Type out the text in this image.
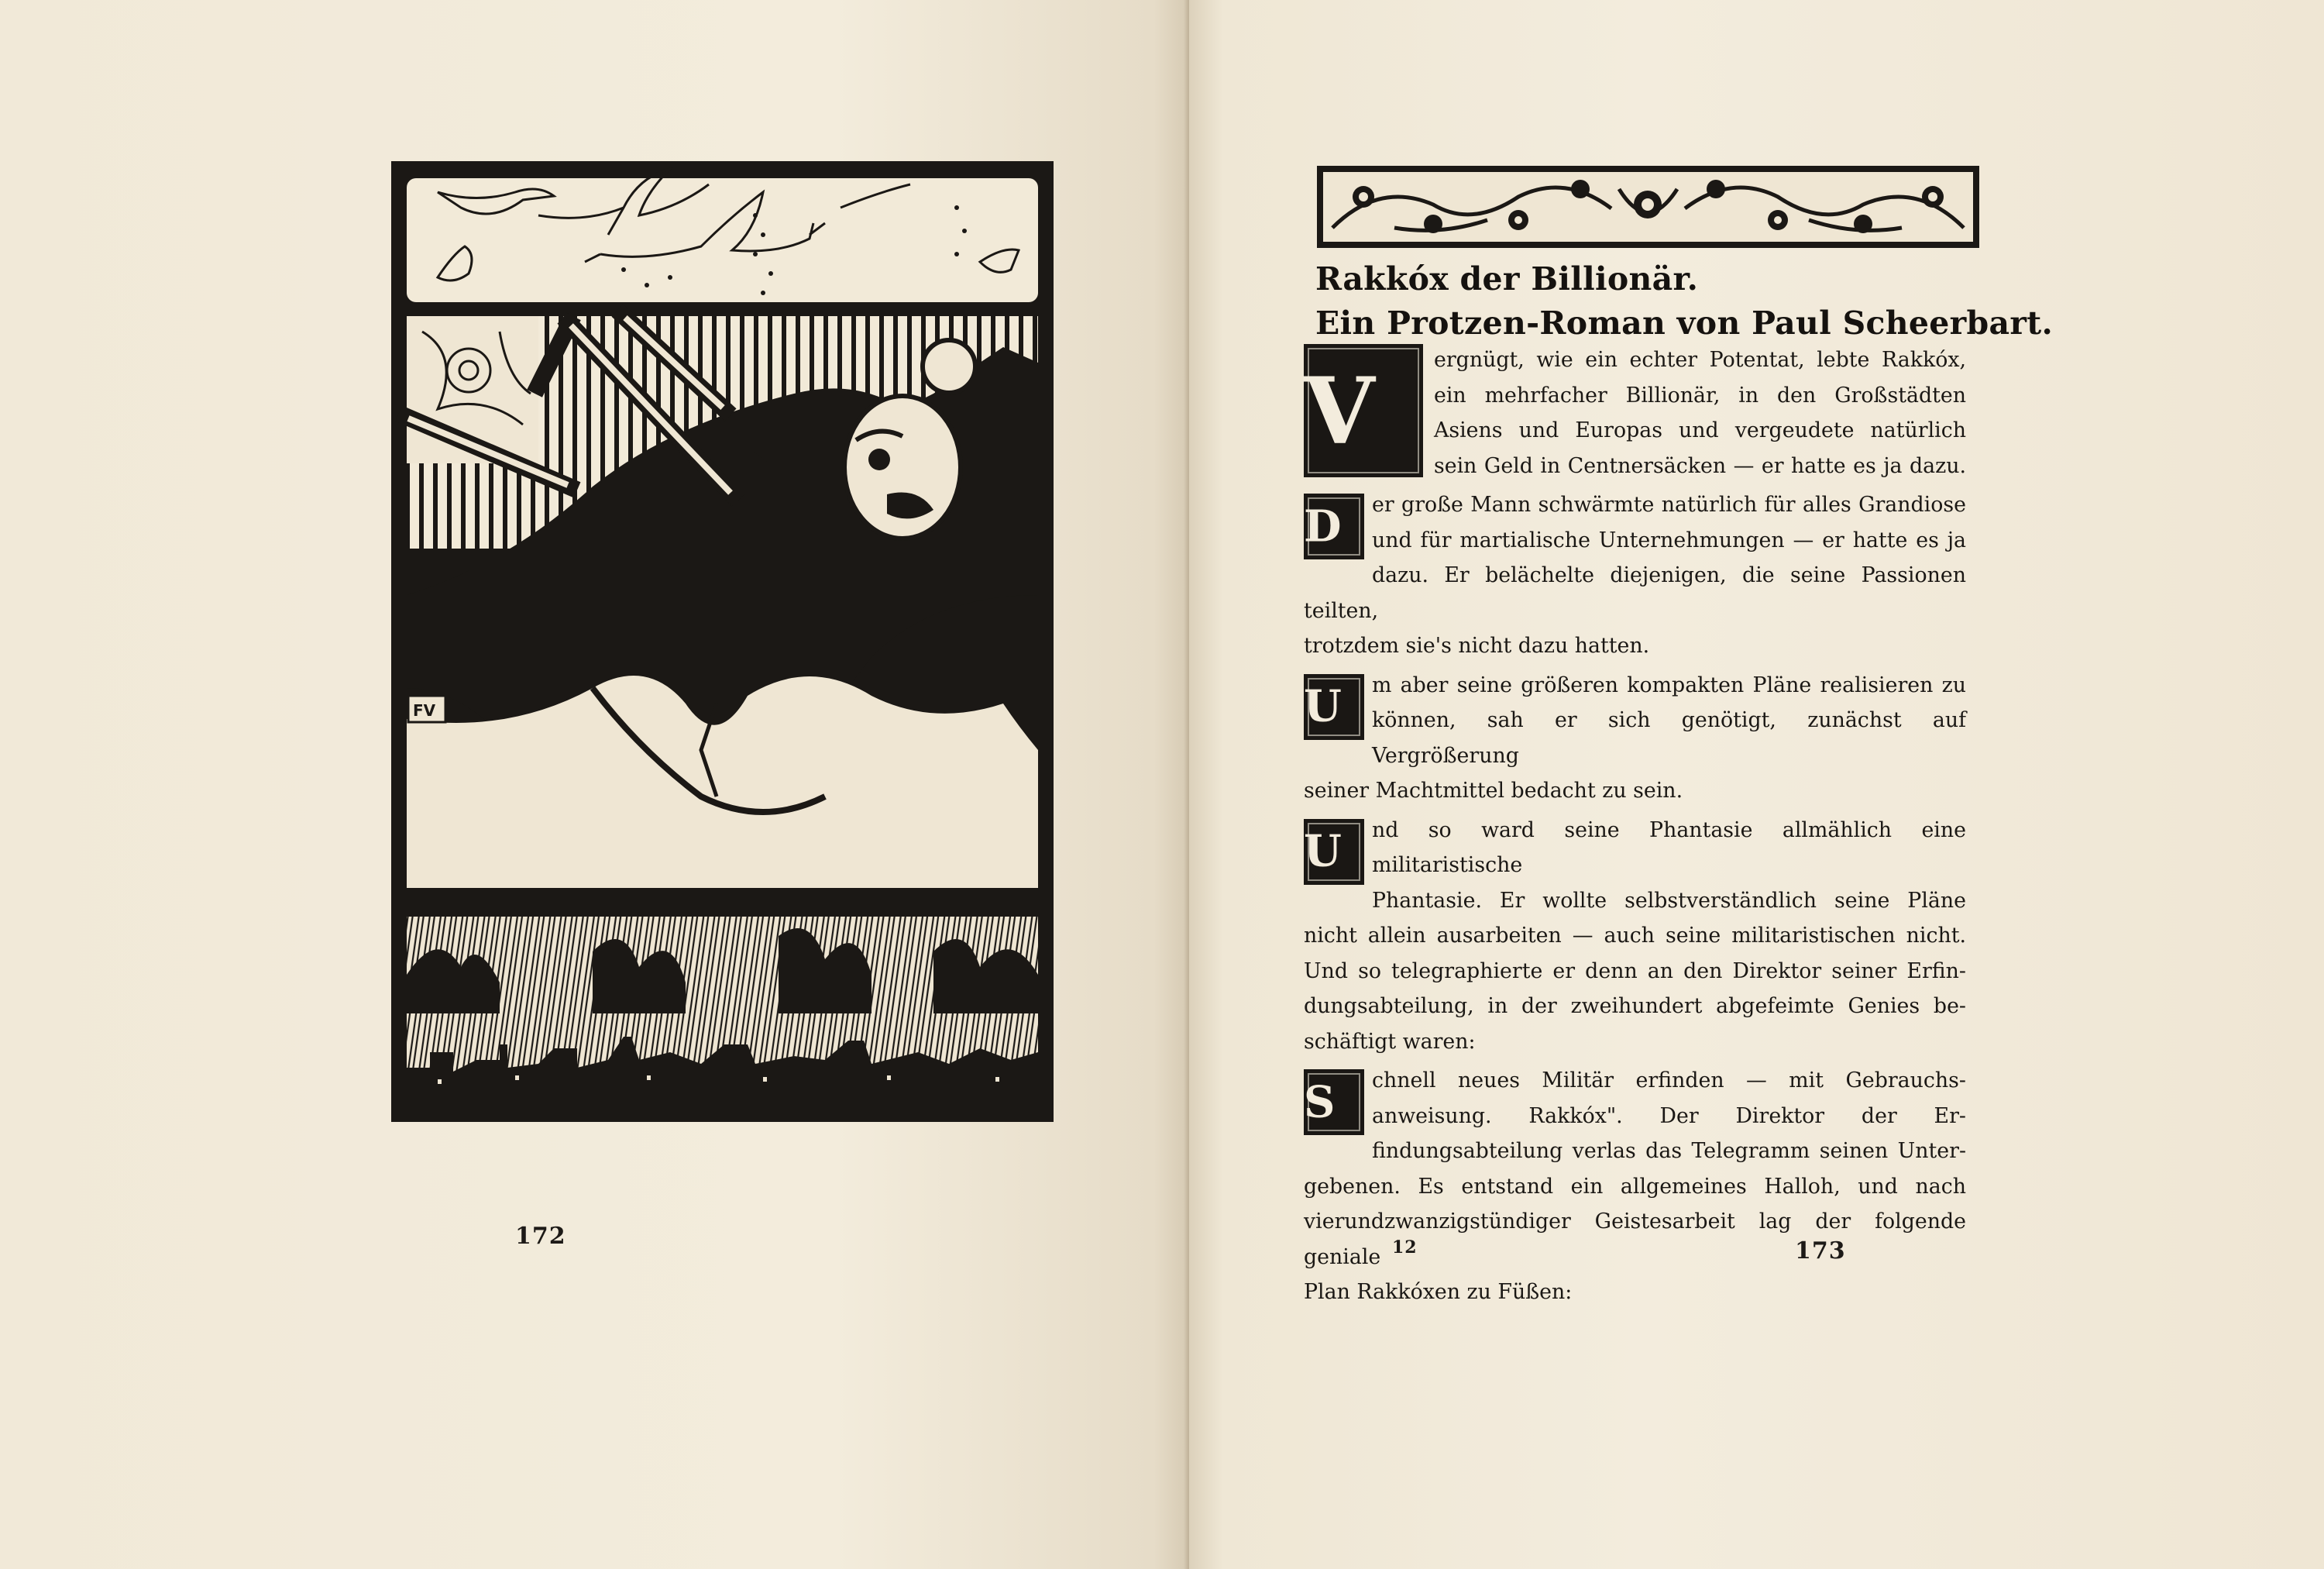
FV
172
Rakkóx der Billionär.
Ein Protzen-Roman von Paul Scheerbart.
V	ergnügt, wie ein echter Potentat, lebte Rakkóx,

ein mehrfacher Billionär, in den Großstädten

Asiens und Europas und vergeudete natürlich

sein Geld in Centnersäcken — er hatte es ja dazu.

D	er große Mann schwärmte natürlich für alles Grandiose

und für martialische Unternehmungen — er hatte es ja

dazu. Er belächelte diejenigen, die seine Passionen teilten,

trotzdem sie's nicht dazu hatten.

U	m aber seine größeren kompakten Pläne realisieren zu

können, sah er sich genötigt, zunächst auf Vergrößerung

seiner Machtmittel bedacht zu sein.

U	nd so ward seine Phantasie allmählich eine militaristische

Phantasie. Er wollte selbstverständlich seine Pläne

nicht allein ausarbeiten — auch seine militaristischen nicht.

Und so telegraphierte er denn an den Direktor seiner Erfin-

dungsabteilung, in der zweihundert abgefeimte Genies be-

schäftigt waren:

S	chnell neues Militär erfinden — mit Gebrauchs-

anweisung. Rakkóx". Der Direktor der Er-

findungsabteilung verlas das Telegramm seinen Unter-

gebenen. Es entstand ein allgemeines Halloh, und nach

vierundzwanzigstündiger Geistesarbeit lag der folgende geniale

Plan Rakkóxen zu Füßen:

12	173
